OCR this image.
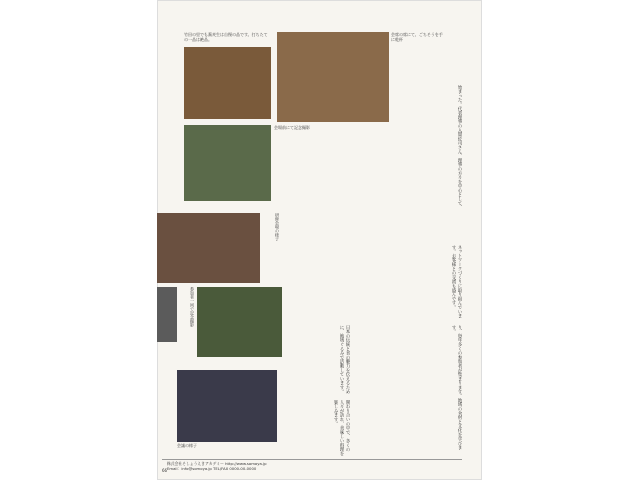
竹田の里でも蕎麦生は自慢の品です。打ちたての一品は絶品。
会席の席にて、ごちそうを手に乾杯
会場前にて記念撮影
研修会場の様子
参加者一同で記念撮影
会議の様子
日本の伝統と食の魅力を伝えるために、地域ぐるみで活動しています。
関わり合いの中で、多くの人々が訪れ、美味しい料理を楽しみます。
始まった。代表理事の入間佐司さん、理事の方々を中心として、
ネットワークづくりに取り組んでいます。お客様との交流も盛んです。
り、毎年多くの参加者が集まります。地域の食材と文化を学びます。
株式会社そしょうえきアカデミー http://www.somoya.jp
Email：info@somoya.jp TEL/FAX 0000-00-0000
66
